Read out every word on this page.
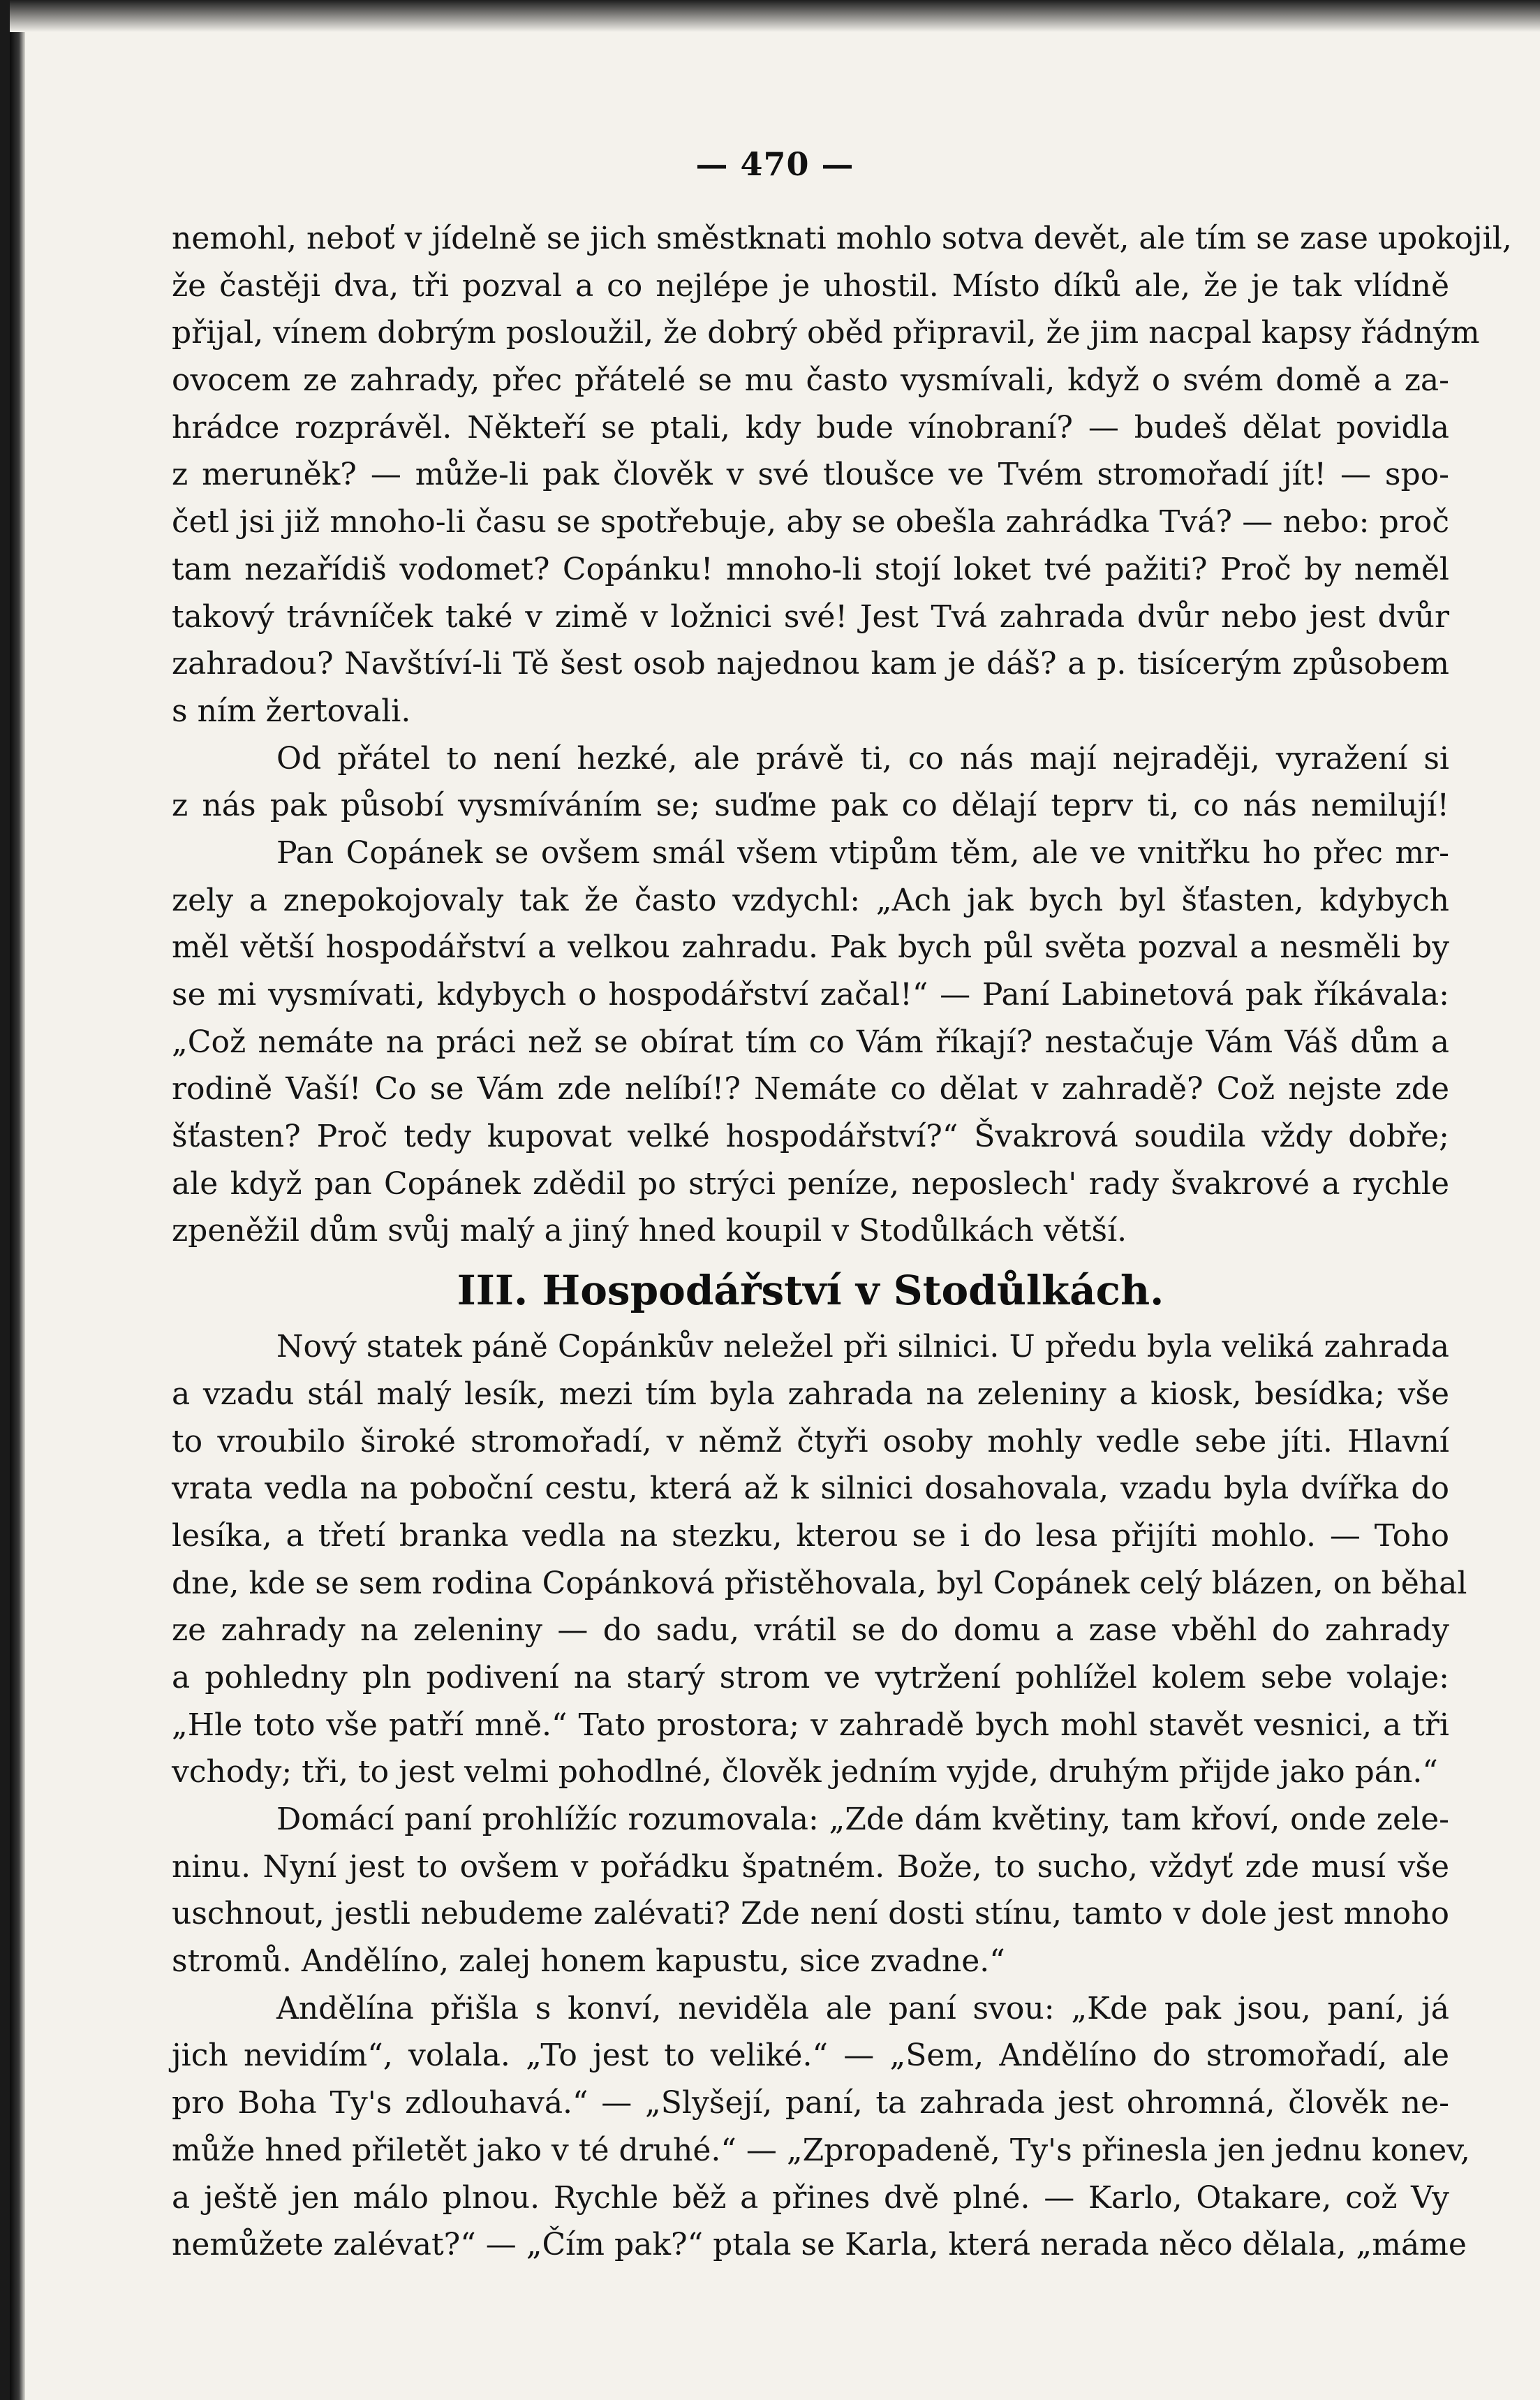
— 470 —
nemohl, neboť v jídelně se jich směstknati mohlo sotva devět, ale tím se zase upokojil,
že častěji dva, tři pozval a co nejlépe je uhostil. Místo díků ale, že je tak vlídně
přijal, vínem dobrým posloužil, že dobrý oběd připravil, že jim nacpal kapsy řádným
ovocem ze zahrady, přec přátelé se mu často vysmívali, když o svém domě a za-
hrádce rozprávěl. Někteří se ptali, kdy bude vínobraní? — budeš dělat povidla
z meruněk? — může-li pak člověk v své tloušce ve Tvém stromořadí jít! — spo-
četl jsi již mnoho-li času se spotřebuje, aby se obešla zahrádka Tvá? — nebo: proč
tam nezařídiš vodomet? Copánku! mnoho-li stojí loket tvé pažiti? Proč by neměl
takový trávníček také v zimě v ložnici své! Jest Tvá zahrada dvůr nebo jest dvůr
zahradou? Navštíví-li Tě šest osob najednou kam je dáš? a p. tisícerým způsobem
s ním žertovali.
Od přátel to není hezké, ale právě ti, co nás mají nejraději, vyražení si
z nás pak působí vysmíváním se; suďme pak co dělají teprv ti, co nás nemilují!
Pan Copánek se ovšem smál všem vtipům těm, ale ve vnitřku ho přec mr-
zely a znepokojovaly tak že často vzdychl: „Ach jak bych byl šťasten, kdybych
měl větší hospodářství a velkou zahradu. Pak bych půl světa pozval a nesměli by
se mi vysmívati, kdybych o hospodářství začal!“ — Paní Labinetová pak říkávala:
„Což nemáte na práci než se obírat tím co Vám říkají? nestačuje Vám Váš dům a
rodině Vaší! Co se Vám zde nelíbí!? Nemáte co dělat v zahradě? Což nejste zde
šťasten? Proč tedy kupovat velké hospodářství?“ Švakrová soudila vždy dobře;
ale když pan Copánek zdědil po strýci peníze, neposlech' rady švakrové a rychle
zpeněžil dům svůj malý a jiný hned koupil v Stodůlkách větší.
III. Hospodářství v Stodůlkách.
Nový statek páně Copánkův neležel při silnici. U předu byla veliká zahrada
a vzadu stál malý lesík, mezi tím byla zahrada na zeleniny a kiosk, besídka; vše
to vroubilo široké stromořadí, v němž čtyři osoby mohly vedle sebe jíti. Hlavní
vrata vedla na poboční cestu, která až k silnici dosahovala, vzadu byla dvířka do
lesíka, a třetí branka vedla na stezku, kterou se i do lesa přijíti mohlo. — Toho
dne, kde se sem rodina Copánková přistěhovala, byl Copánek celý blázen, on běhal
ze zahrady na zeleniny — do sadu, vrátil se do domu a zase vběhl do zahrady
a pohledny pln podivení na starý strom ve vytržení pohlížel kolem sebe volaje:
„Hle toto vše patří mně.“ Tato prostora; v zahradě bych mohl stavět vesnici, a tři
vchody; tři, to jest velmi pohodlné, člověk jedním vyjde, druhým přijde jako pán.“
Domácí paní prohlížíc rozumovala: „Zde dám květiny, tam křoví, onde zele-
ninu. Nyní jest to ovšem v pořádku špatném. Bože, to sucho, vždyť zde musí vše
uschnout, jestli nebudeme zalévati? Zde není dosti stínu, tamto v dole jest mnoho
stromů. Andělíno, zalej honem kapustu, sice zvadne.“
Andělína přišla s konví, neviděla ale paní svou: „Kde pak jsou, paní, já
jich nevidím“, volala. „To jest to veliké.“ — „Sem, Andělíno do stromořadí, ale
pro Boha Ty's zdlouhavá.“ — „Slyšejí, paní, ta zahrada jest ohromná, člověk ne-
může hned přiletět jako v té druhé.“ — „Zpropadeně, Ty's přinesla jen jednu konev,
a ještě jen málo plnou. Rychle běž a přines dvě plné. — Karlo, Otakare, což Vy
nemůžete zalévat?“ — „Čím pak?“ ptala se Karla, která nerada něco dělala, „máme
